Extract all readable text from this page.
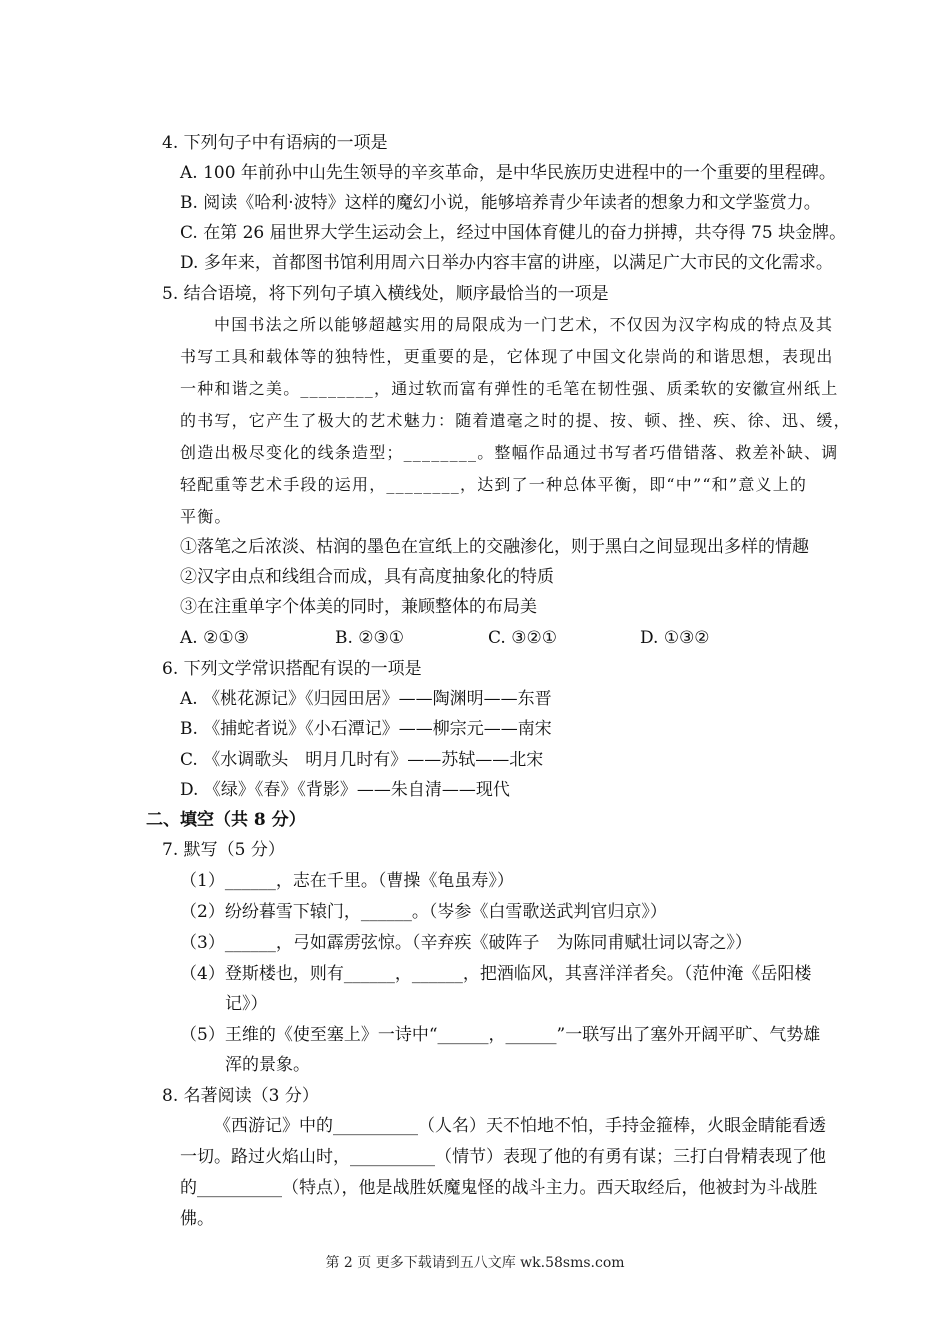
4. 下列句子中有语病的一项是
A. 100 年前孙中山先生领导的辛亥革命，是中华民族历史进程中的一个重要的里程碑。
B. 阅读《哈利·波特》这样的魔幻小说，能够培养青少年读者的想象力和文学鉴赏力。
C. 在第 26 届世界大学生运动会上，经过中国体育健儿的奋力拼搏，共夺得 75 块金牌。
D. 多年来，首都图书馆利用周六日举办内容丰富的讲座，以满足广大市民的文化需求。
5. 结合语境，将下列句子填入横线处，顺序最恰当的一项是
中国书法之所以能够超越实用的局限成为一门艺术，不仅因为汉字构成的特点及其
书写工具和载体等的独特性，更重要的是，它体现了中国文化崇尚的和谐思想，表现出
一种和谐之美。________，通过软而富有弹性的毛笔在韧性强、质柔软的安徽宣州纸上
的书写，它产生了极大的艺术魅力：随着遣毫之时的提、按、顿、挫、疾、徐、迅、缓，
创造出极尽变化的线条造型；________。整幅作品通过书写者巧借错落、救差补缺、调
轻配重等艺术手段的运用，________，达到了一种总体平衡，即“中”“和”意义上的
平衡。
①落笔之后浓淡、枯润的墨色在宣纸上的交融渗化，则于黑白之间显现出多样的情趣
②汉字由点和线组合而成，具有高度抽象化的特质
③在注重单字个体美的同时，兼顾整体的布局美
A. ②①③	B. ②③①	C. ③②①	D. ①③②
6. 下列文学常识搭配有误的一项是
A. 《桃花源记》《归园田居》——陶渊明——东晋
B. 《捕蛇者说》《小石潭记》——柳宗元——南宋
C. 《水调歌头　明月几时有》——苏轼——北宋
D. 《绿》《春》《背影》——朱自清——现代
二、填空（共 8 分）
7. 默写（5 分）
（1）______，志在千里。（曹操《龟虽寿》）
（2）纷纷暮雪下辕门，______。（岑参《白雪歌送武判官归京》）
（3）______，弓如霹雳弦惊。（辛弃疾《破阵子　为陈同甫赋壮词以寄之》）
（4）登斯楼也，则有______，______，把酒临风，其喜洋洋者矣。（范仲淹《岳阳楼
记》）
（5）王维的《使至塞上》一诗中“______，______”一联写出了塞外开阔平旷、气势雄
浑的景象。
8. 名著阅读（3 分）
《西游记》中的__________（人名）天不怕地不怕，手持金箍棒，火眼金睛能看透
一切。路过火焰山时，__________（情节）表现了他的有勇有谋；三打白骨精表现了他
的__________（特点），他是战胜妖魔鬼怪的战斗主力。西天取经后，他被封为斗战胜
佛。
第 2 页 更多下载请到五八文库 wk.58sms.com
